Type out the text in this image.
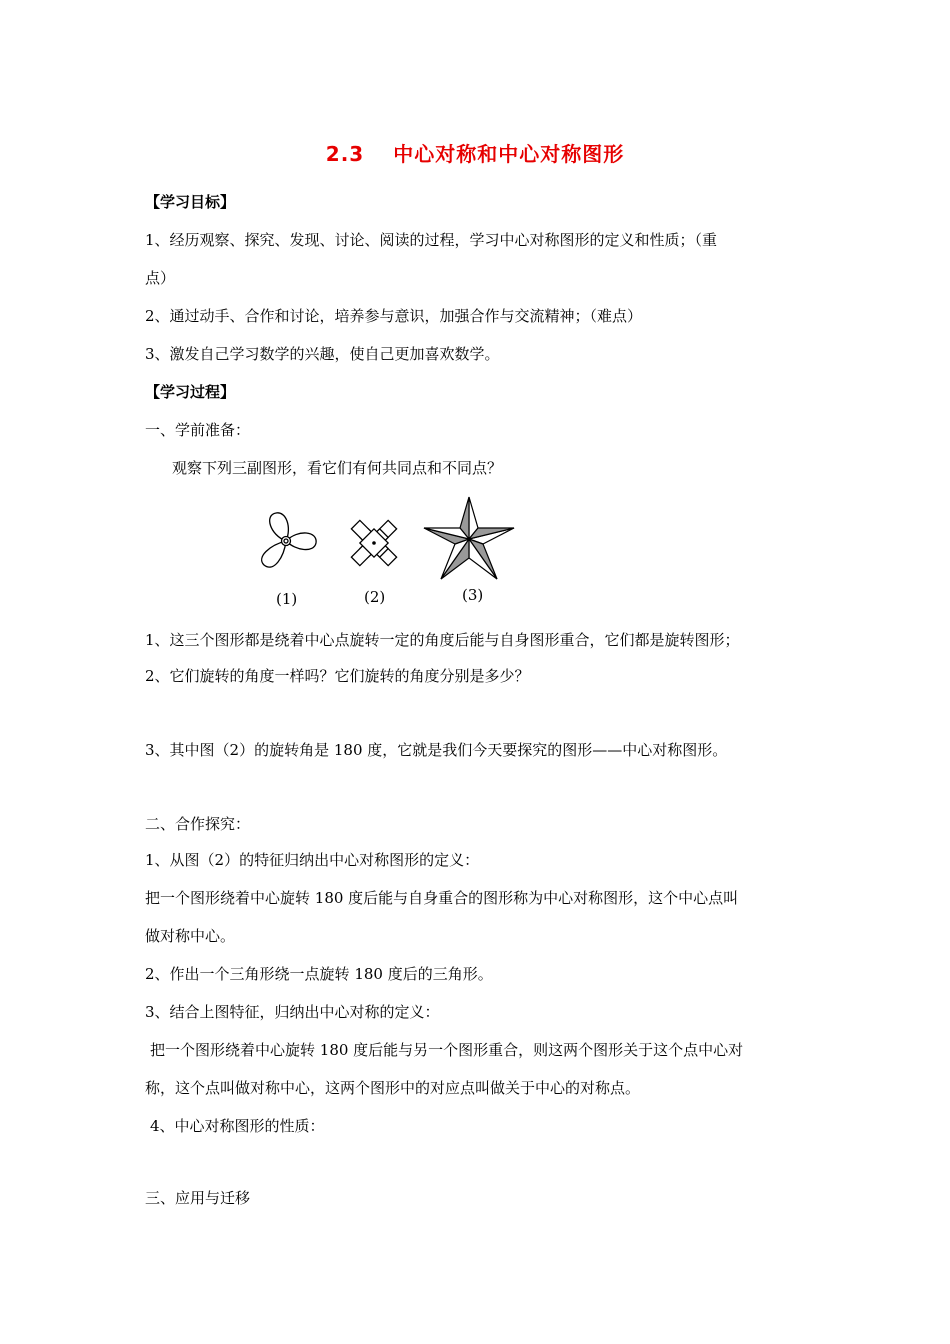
2.3　 中心对称和中心对称图形
【学习目标】
1、经历观察、探究、发现、讨论、阅读的过程，学习中心对称图形的定义和性质；（重
点）
2、通过动手、合作和讨论，培养参与意识，加强合作与交流精神；（难点）
3、激发自己学习数学的兴趣，使自己更加喜欢数学。
【学习过程】
一、学前准备：
观察下列三副图形，看它们有何共同点和不同点？
(1)	(2)	(3)
1、这三个图形都是绕着中心点旋转一定的角度后能与自身图形重合，它们都是旋转图形；
2、它们旋转的角度一样吗？它们旋转的角度分别是多少？
3、其中图（2）的旋转角是 180 度，它就是我们今天要探究的图形——中心对称图形。
二、合作探究：
1、从图（2）的特征归纳出中心对称图形的定义：
把一个图形绕着中心旋转 180 度后能与自身重合的图形称为中心对称图形，这个中心点叫
做对称中心。
2、作出一个三角形绕一点旋转 180 度后的三角形。
3、结合上图特征，归纳出中心对称的定义：
把一个图形绕着中心旋转 180 度后能与另一个图形重合，则这两个图形关于这个点中心对
称，这个点叫做对称中心，这两个图形中的对应点叫做关于中心的对称点。
4、中心对称图形的性质：
三、应用与迁移
